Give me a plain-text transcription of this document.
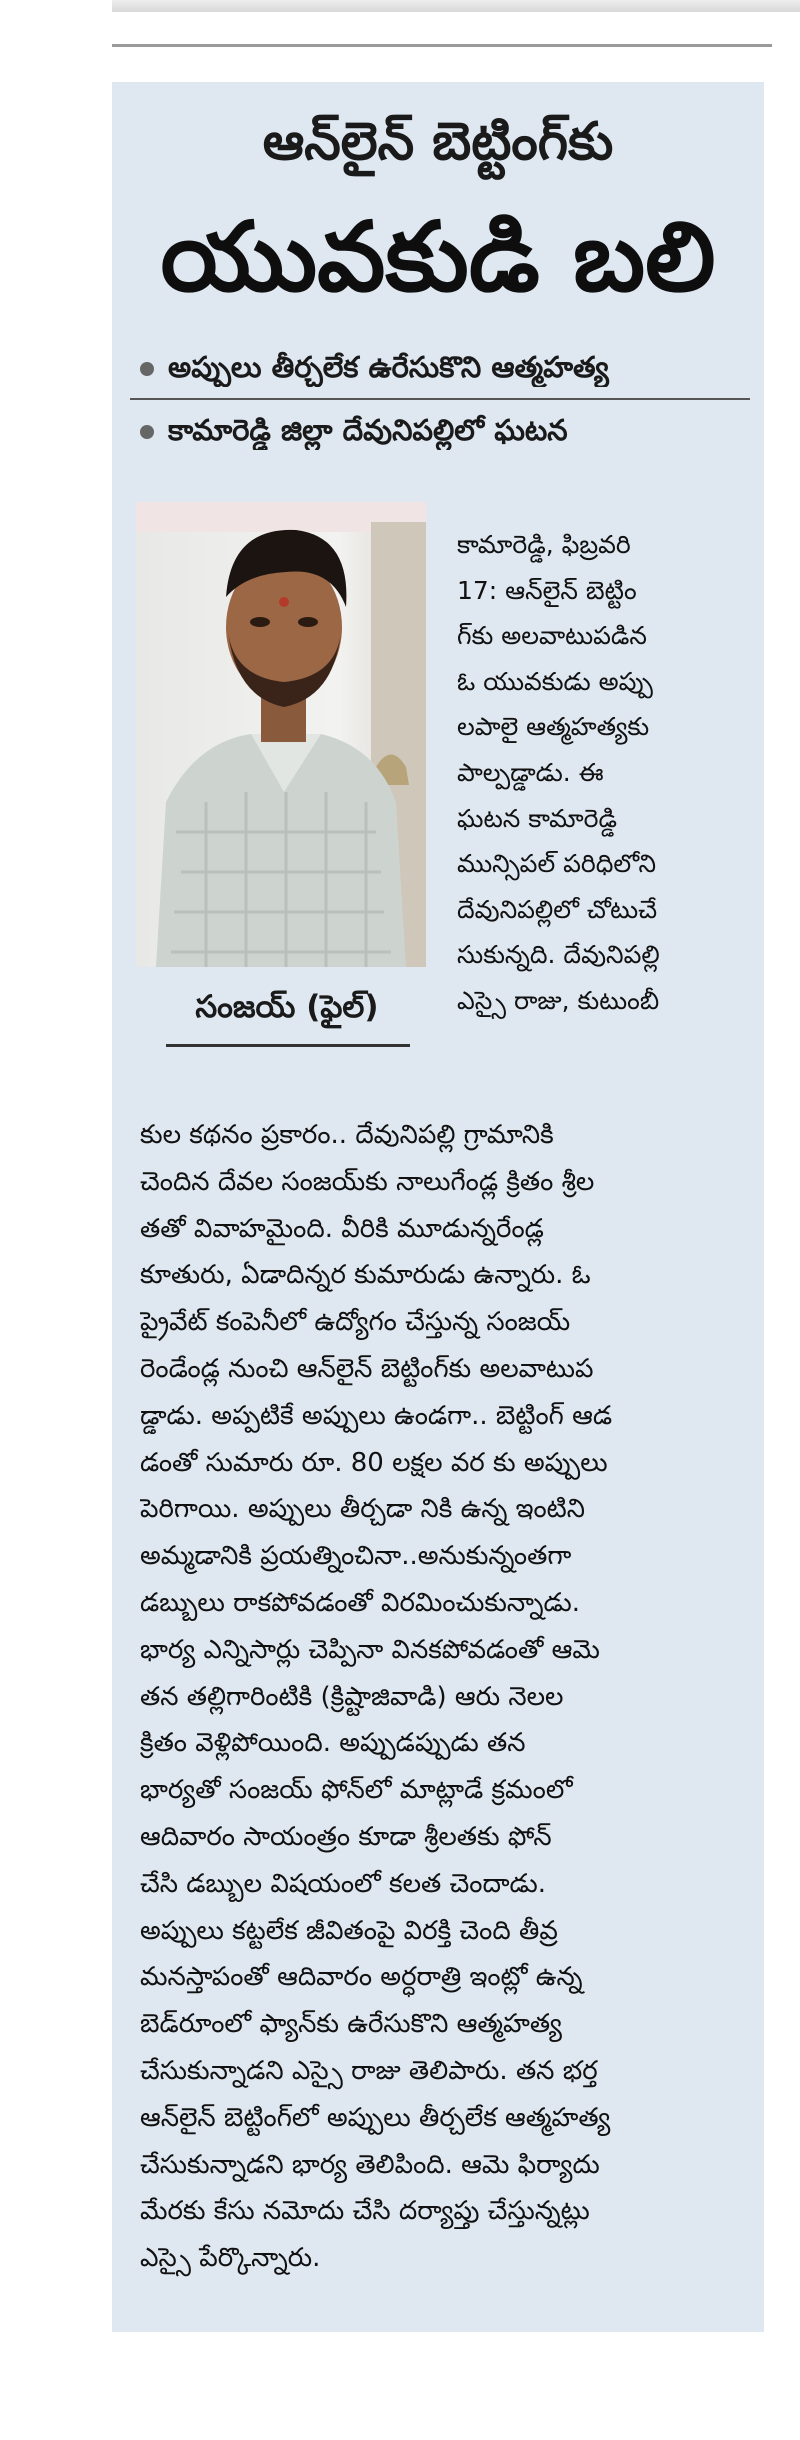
ఆన్‌లైన్ బెట్టింగ్‌కు
యువకుడి బలి
అప్పులు తీర్చలేక ఉరేసుకొని ఆత్మహత్య
కామారెడ్డి జిల్లా దేవునిపల్లిలో ఘటన
సంజయ్ (ఫైల్)
కామారెడ్డి, ఫిబ్రవరి
17: ఆన్‌లైన్ బెట్టిం
గ్‌కు అలవాటుపడిన
ఓ యువకుడు అప్పు
లపాలై ఆత్మహత్యకు
పాల్పడ్డాడు. ఈ
ఘటన కామారెడ్డి
మున్సిపల్ పరిధిలోని
దేవునిపల్లిలో చోటుచే
సుకున్నది. దేవునిపల్లి
ఎస్సై రాజు, కుటుంబీ
కుల కథనం ప్రకారం.. దేవునిపల్లి గ్రామానికి
చెందిన దేవల సంజయ్‌కు నాలుగేండ్ల క్రితం శ్రీల
తతో వివాహమైంది. వీరికి మూడున్నరేండ్ల
కూతురు, ఏడాదిన్నర కుమారుడు ఉన్నారు. ఓ
ప్రైవేట్ కంపెనీలో ఉద్యోగం చేస్తున్న సంజయ్
రెండేండ్ల నుంచి ఆన్‌లైన్ బెట్టింగ్‌కు అలవాటుప
డ్డాడు. అప్పటికే అప్పులు ఉండగా.. బెట్టింగ్ ఆడ
డంతో సుమారు రూ. 80 లక్షల వర కు అప్పులు
పెరిగాయి. అప్పులు తీర్చడా నికి ఉన్న ఇంటిని
అమ్మడానికి ప్రయత్నించినా..అనుకున్నంతగా
డబ్బులు రాకపోవడంతో విరమించుకున్నాడు.
భార్య ఎన్నిసార్లు చెప్పినా వినకపోవడంతో ఆమె
తన తల్లిగారింటికి (క్రిష్టాజివాడి) ఆరు నెలల
క్రితం వెళ్లిపోయింది. అప్పుడప్పుడు తన
భార్యతో సంజయ్ ఫోన్‌లో మాట్లాడే క్రమంలో
ఆదివారం సాయంత్రం కూడా శ్రీలతకు ఫోన్
చేసి డబ్బుల విషయంలో కలత చెందాడు.
అప్పులు కట్టలేక జీవితంపై విరక్తి చెంది తీవ్ర
మనస్తాపంతో ఆదివారం అర్ధరాత్రి ఇంట్లో ఉన్న
బెడ్‌రూంలో ఫ్యాన్‌కు ఉరేసుకొని ఆత్మహత్య
చేసుకున్నాడని ఎస్సై రాజు తెలిపారు. తన భర్త
ఆన్‌లైన్ బెట్టింగ్‌లో అప్పులు తీర్చలేక ఆత్మహత్య
చేసుకున్నాడని భార్య తెలిపింది. ఆమె ఫిర్యాదు
మేరకు కేసు నమోదు చేసి దర్యాప్తు చేస్తున్నట్లు
ఎస్సై పేర్కొన్నారు.
